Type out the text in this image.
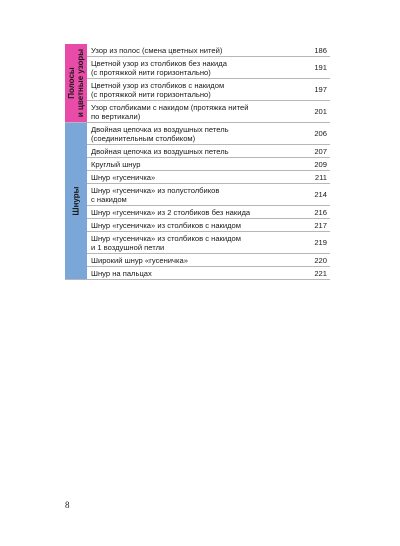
Полосы и цветные узоры Узор из полос (смена цветных нитей)	186
Цветной узор из столбиков без накида
(с протяжкой нити горизонтально)	191
Цветной узор из столбиков с накидом
(с протяжкой нити горизонтально)	197
Узор столбиками с накидом (протяжка нитей
по вертикали)	201
Шнуры
Двойная цепочка из воздушных петель
(соединительным столбиком)	206
Двойная цепочка из воздушных петель	207
Круглый шнур	209
Шнур «гусеничка»	211
Шнур «гусеничка» из полустолбиков
с накидом	214
Шнур «гусеничка» из 2 столбиков без накида	216
Шнур «гусеничка» из столбиков с накидом	217
Шнур «гусеничка» из столбиков с накидом
и 1 воздушной петли	219
Широкий шнур «гусеничка»	220
Шнур на пальцах	221
8
